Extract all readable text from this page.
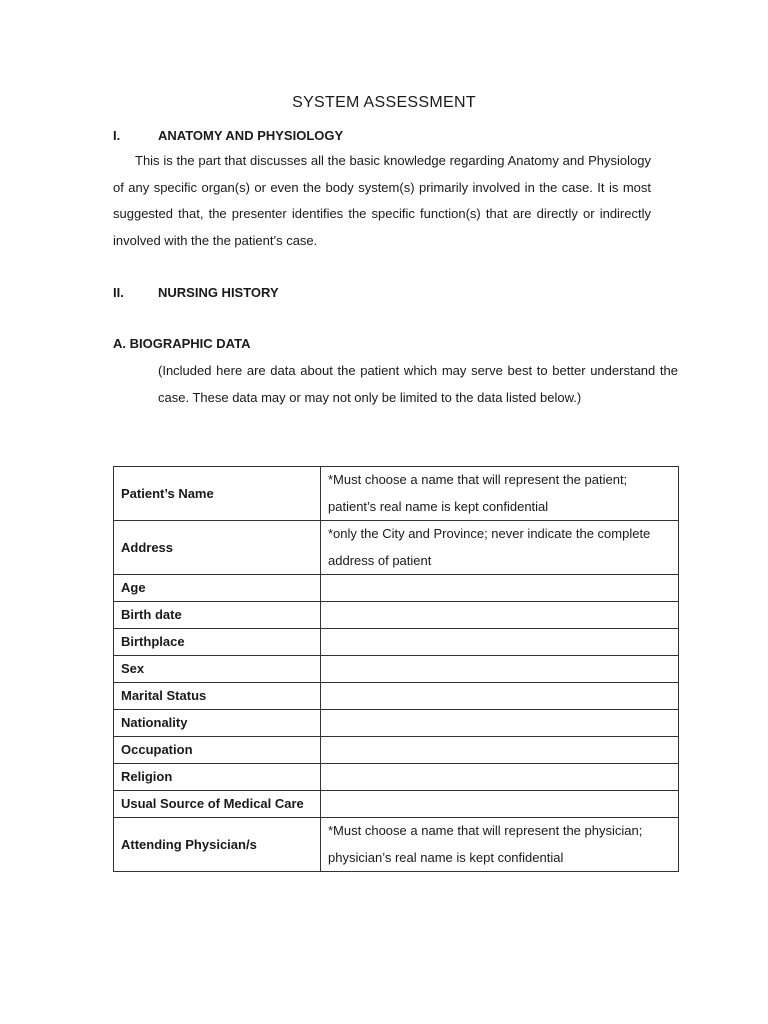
SYSTEM ASSESSMENT
I.	ANATOMY AND PHYSIOLOGY

This is the part that discusses all the basic knowledge regarding Anatomy and Physiology of any specific organ(s) or even the body system(s) primarily involved in the case. It is most suggested that, the presenter identifies the specific function(s) that are directly or indirectly involved with the the patient’s case.

II.	NURSING HISTORY
A. BIOGRAPHIC DATA

(Included here are data about the patient which may serve best to better understand the case. These data may or may not only be limited to the data listed below.)

Patient’s Name	*Must choose a name that will represent the patient; patient’s real name is kept confidential
Address	*only the City and Province; never indicate the complete address of patient
Age	
Birth date	
Birthplace	
Sex	
Marital Status	
Nationality	
Occupation	
Religion	
Usual Source of Medical Care	
Attending Physician/s	*Must choose a name that will represent the physician; physician’s real name is kept confidential
